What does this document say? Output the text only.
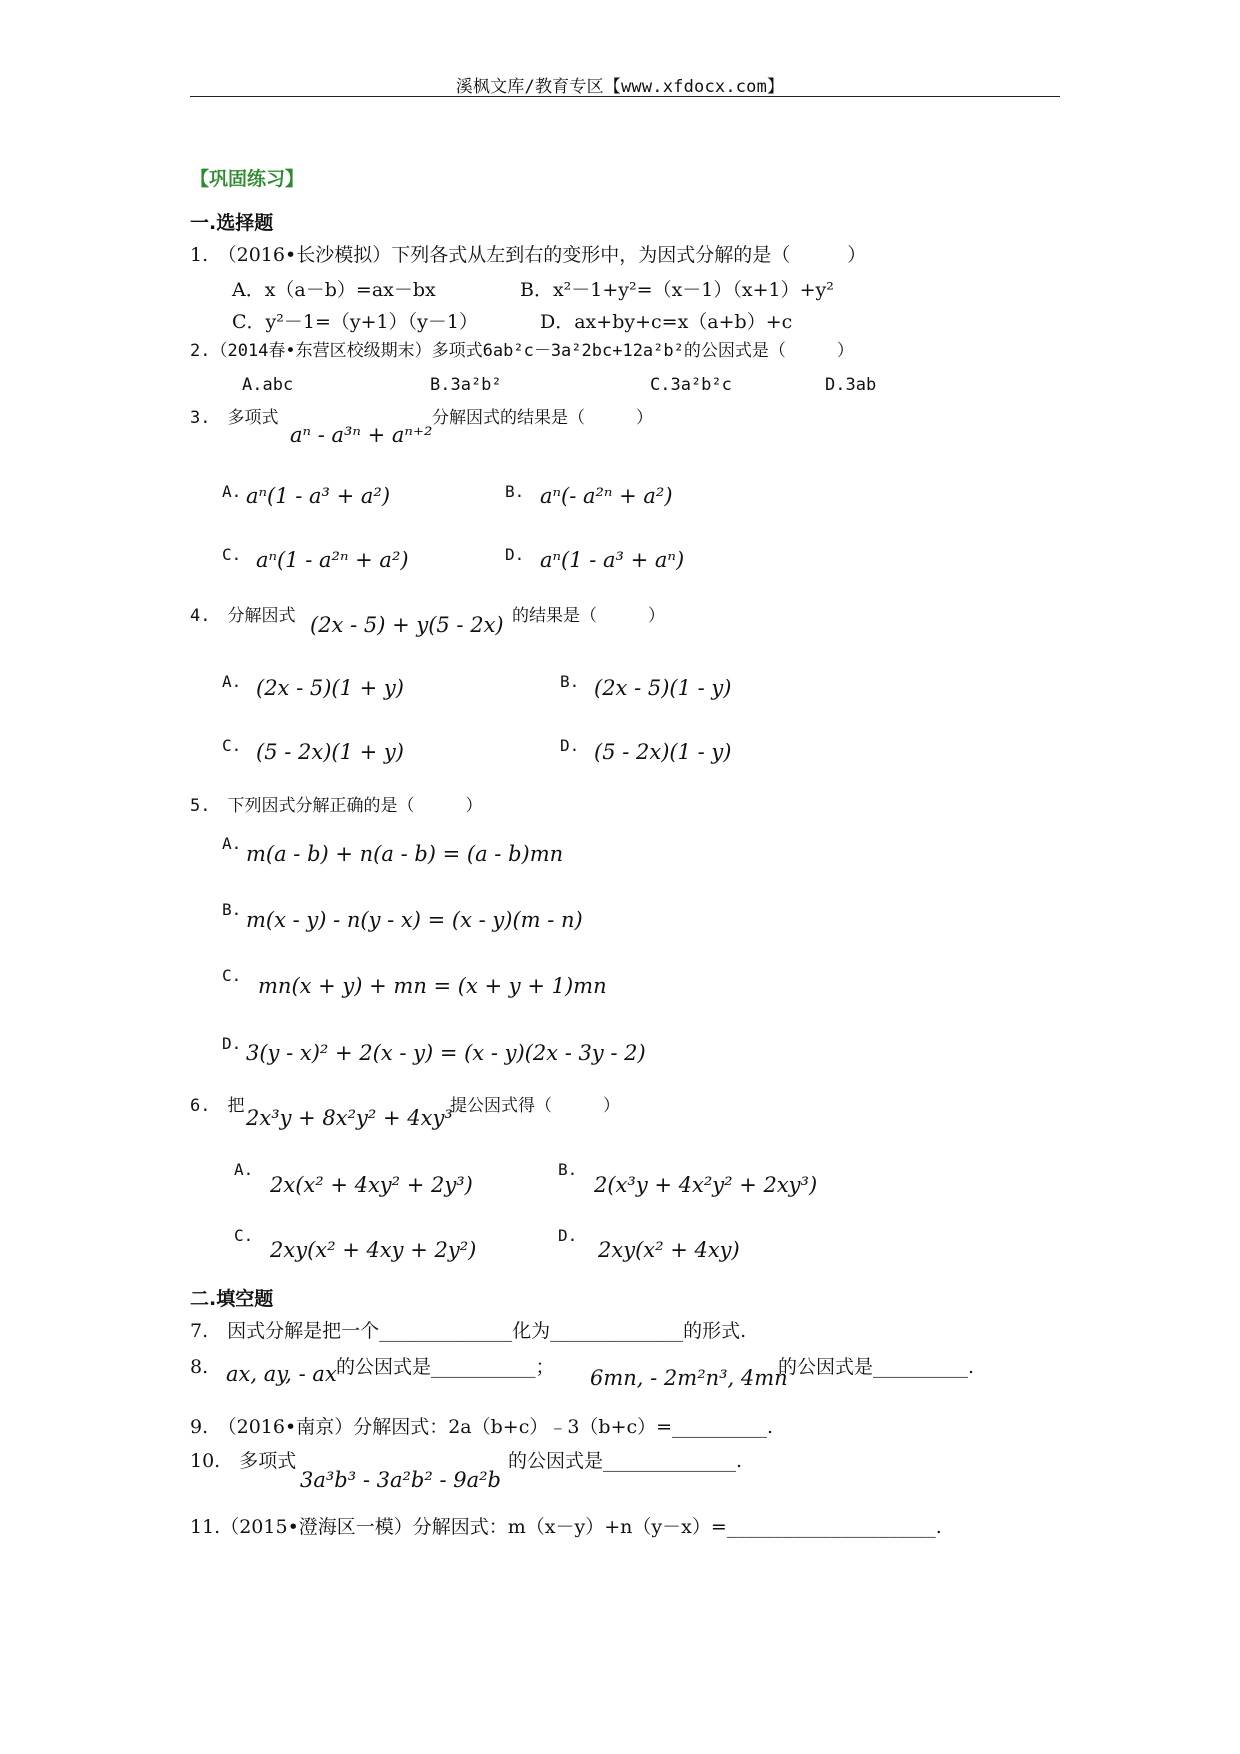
溪枫文库/教育专区【www.xfdocx.com】
【巩固练习】
一.选择题
1.　（2016•长沙模拟）下列各式从左到右的变形中，为因式分解的是（　　　）
A．x（a－b）=ax－bx	B．x²－1+y²=（x－1）（x+1）+y²
C．y²－1=（y+1）（y－1）	D．ax+by+c=x（a+b）+c
2.（2014春•东营区校级期末）多项式6ab²c－3a²2bc+12a²b²的公因式是（　　　）
A.abc	B.3a²b²	C.3a²b²c	D.3ab
3.　多项式
aⁿ - a³ⁿ + aⁿ⁺²
分解因式的结果是（　　　）
A. aⁿ(1 - a³ + a²)	B. aⁿ(- a²ⁿ + a²)
C. aⁿ(1 - a²ⁿ + a²)	D. aⁿ(1 - a³ + aⁿ)
4.　分解因式 (2x - 5) + y(5 - 2x) 的结果是（　　　）
A. (2x - 5)(1 + y)	B. (2x - 5)(1 - y)
C. (5 - 2x)(1 + y)	D. (5 - 2x)(1 - y)
5.　下列因式分解正确的是（　　　）
A. m(a - b) + n(a - b) = (a - b)mn
B. m(x - y) - n(y - x) = (x - y)(m - n)
C. mn(x + y) + mn = (x + y + 1)mn
D. 3(y - x)² + 2(x - y) = (x - y)(2x - 3y - 2)
6.　把 2x³y + 8x²y² + 4xy³
提公因式得（　　　）
A.
2x(x² + 4xy² + 2y³)
B.
2(x³y + 4x²y² + 2xy³)
C.
2xy(x² + 4xy + 2y²)
D.
2xy(x² + 4xy)
二.填空题
7.　因式分解是把一个______________化为______________的形式.
8. ax, ay, - ax 的公因式是___________； 6mn, - 2m²n³, 4mn
的公因式是__________.
9.　（2016•南京）分解因式：2a（b+c）﹣3（b+c）=__________.
10.　多项式
3a³b³ - 3a²b² - 9a²b
的公因式是______________.
11.（2015•澄海区一模）分解因式：m（x－y）+n（y－x）=______________________.
